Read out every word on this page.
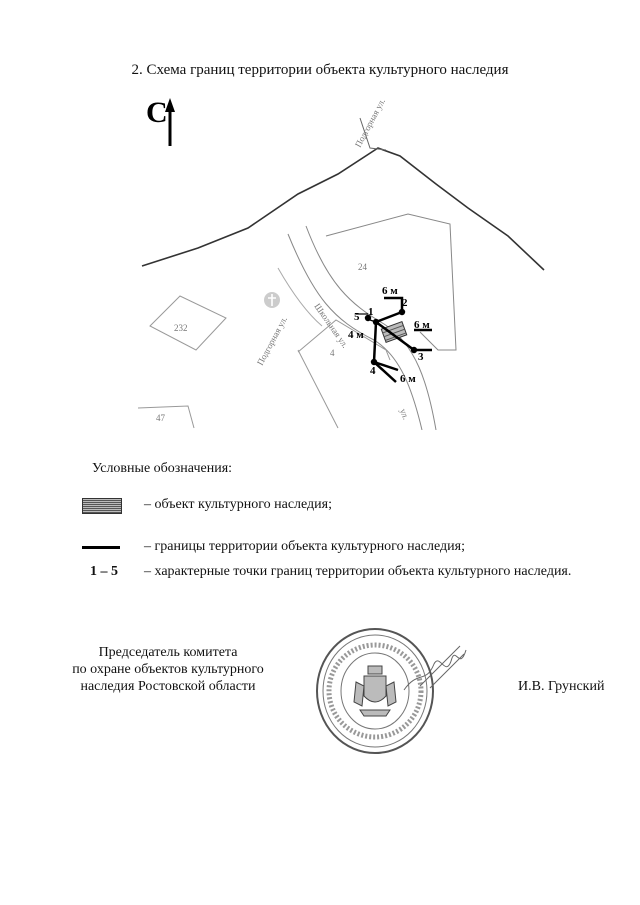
2. Схема границ территории объекта культурного наследия
С
24
232
47
4
Подгорная ул.
Подгорная ул.	Школьная ул.
ул.
1
2
3
4
5
6 м
6 м
4 м
6 м
Условные обозначения:
– объект культурного наследия;
– границы территории объекта культурного наследия;
1 – 5 – характерные точки границ территории объекта культурного наследия.
Председатель комитета
по охране объектов культурного
наследия Ростовской области	И.В. Грунский
